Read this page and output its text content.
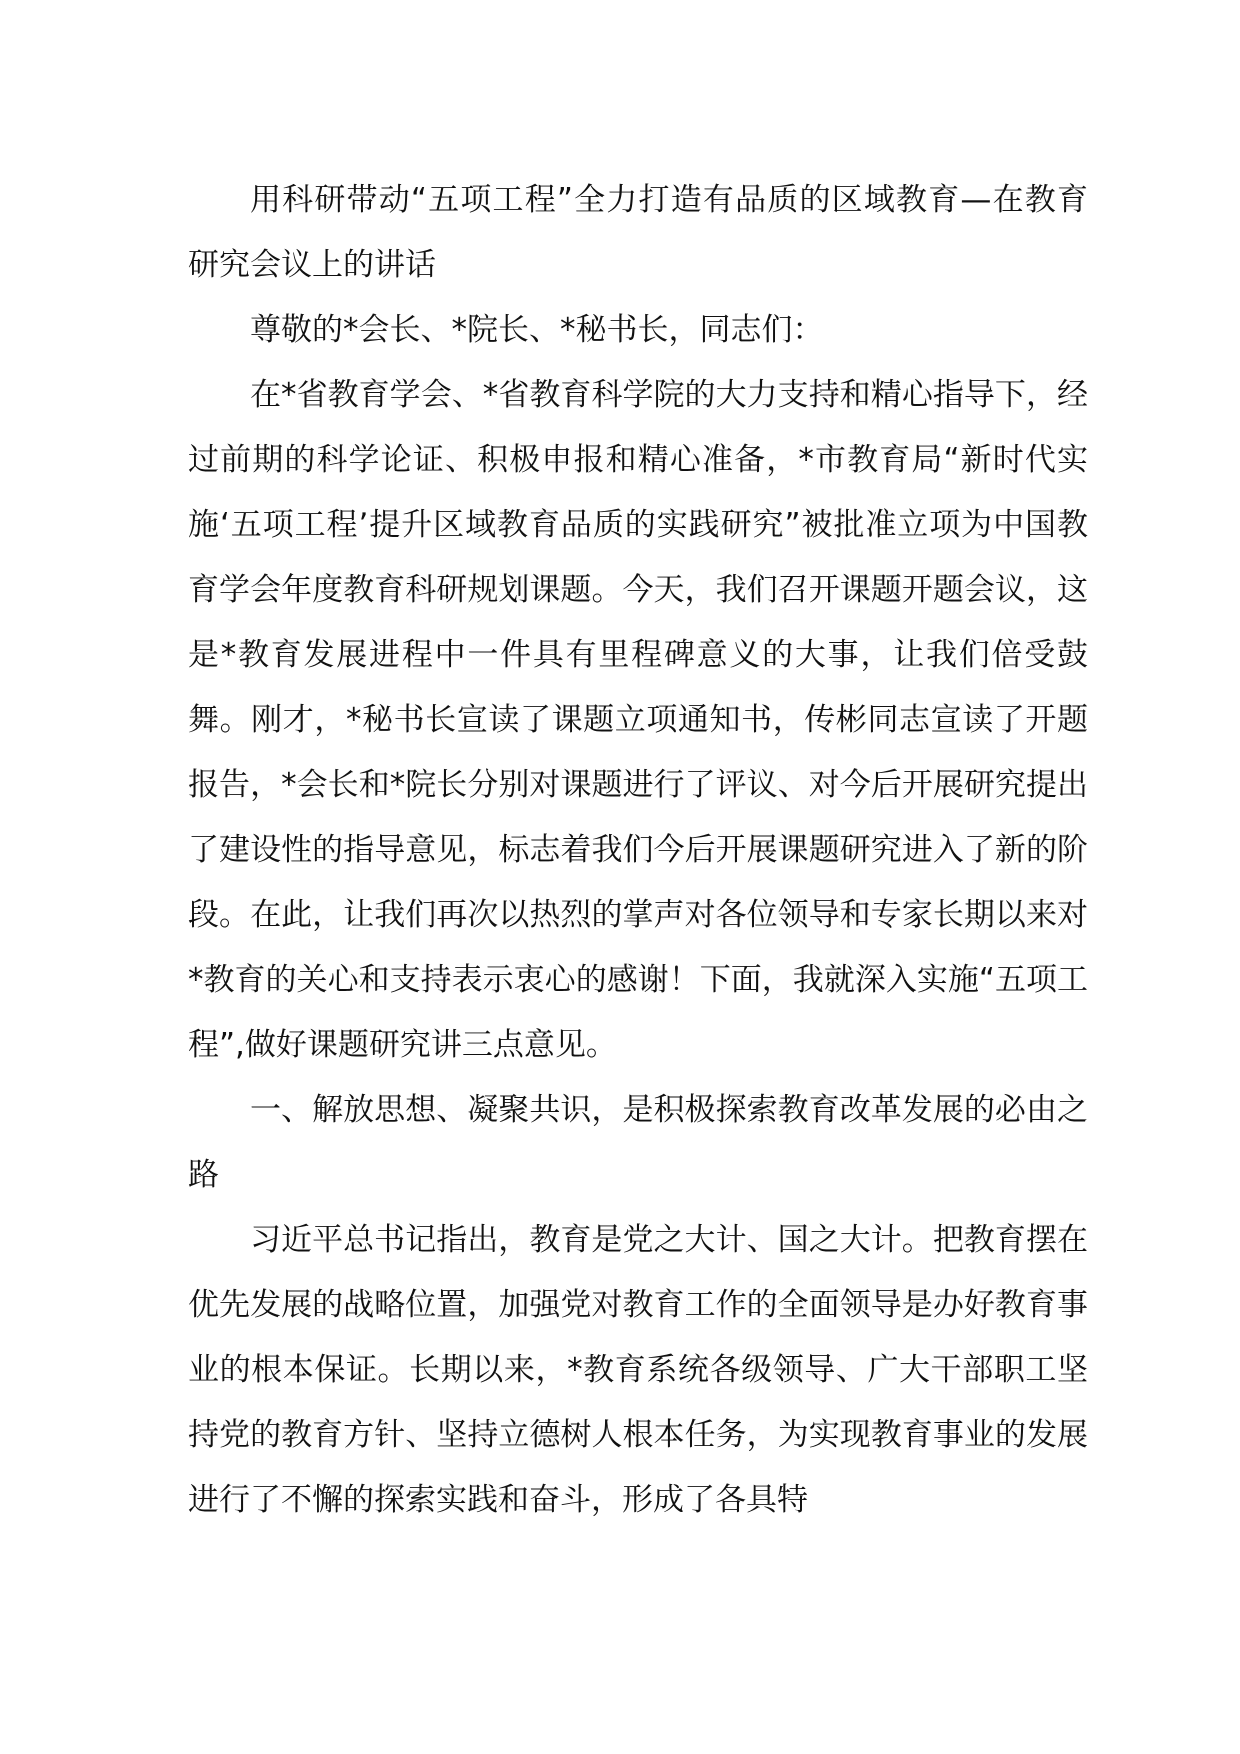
用科研带动“五项工程”全力打造有品质的区域教育—在教育研究会议上的讲话

尊敬的*会长、*院长、*秘书长，同志们：

在*省教育学会、*省教育科学院的大力支持和精心指导下，经过前期的科学论证、积极申报和精心准备，*市教育局“新时代实施‘五项工程’提升区域教育品质的实践研究”被批准立项为中国教育学会年度教育科研规划课题。今天，我们召开课题开题会议，这是*教育发展进程中一件具有里程碑意义的大事，让我们倍受鼓舞。刚才，*秘书长宣读了课题立项通知书，传彬同志宣读了开题报告，*会长和*院长分别对课题进行了评议、对今后开展研究提出了建设性的指导意见，标志着我们今后开展课题研究进入了新的阶段。在此，让我们再次以热烈的掌声对各位领导和专家长期以来对*教育的关心和支持表示衷心的感谢！下面，我就深入实施“五项工程”,做好课题研究讲三点意见。

一、解放思想、凝聚共识，是积极探索教育改革发展的必由之路

习近平总书记指出，教育是党之大计、国之大计。把教育摆在优先发展的战略位置，加强党对教育工作的全面领导是办好教育事业的根本保证。长期以来，*教育系统各级领导、广大干部职工坚持党的教育方针、坚持立德树人根本任务，为实现教育事业的发展进行了不懈的探索实践和奋斗，形成了各具特
